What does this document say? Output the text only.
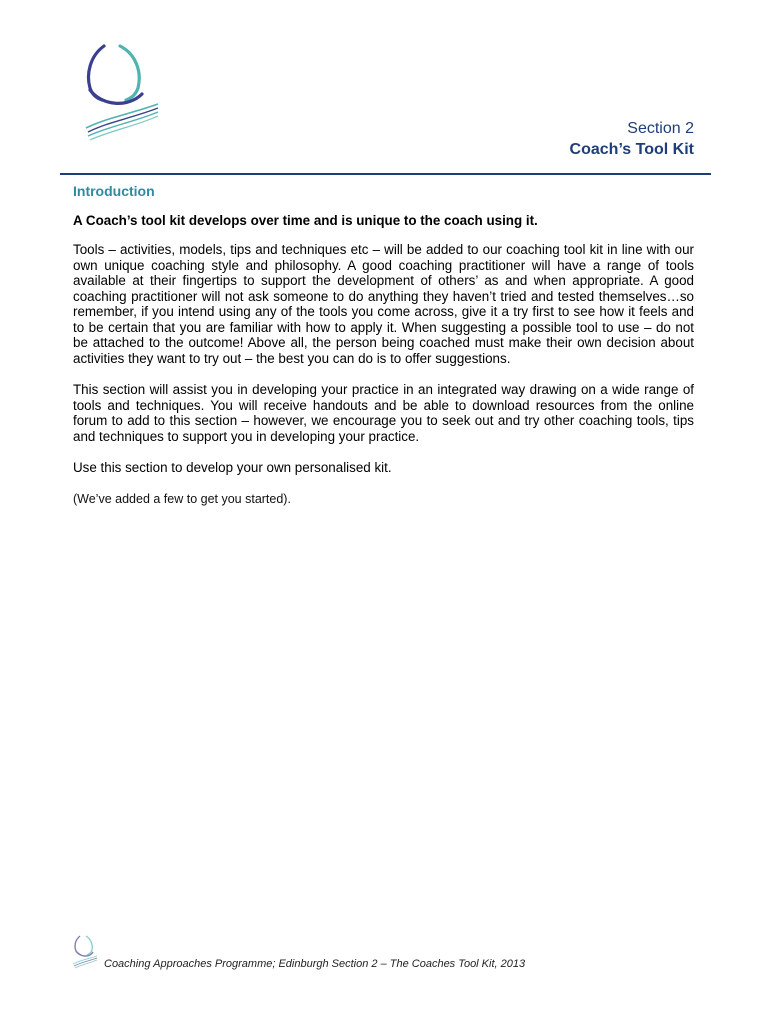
Section 2
Coach’s Tool Kit
Introduction

A Coach’s tool kit develops over time and is unique to the coach using it.

Tools – activities, models, tips and techniques etc – will be added to our coaching tool kit in line with our own unique coaching style and philosophy. A good coaching practitioner will have a range of tools available at their fingertips to support the development of others’ as and when appropriate. A good coaching practitioner will not ask someone to do anything they haven’t tried and tested themselves…so remember, if you intend using any of the tools you come across, give it a try first to see how it feels and to be certain that you are familiar with how to apply it. When suggesting a possible tool to use – do not be attached to the outcome! Above all, the person being coached must make their own decision about activities they want to try out – the best you can do is to offer suggestions.

This section will assist you in developing your practice in an integrated way drawing on a wide range of tools and techniques. You will receive handouts and be able to download resources from the online forum to add to this section – however, we encourage you to seek out and try other coaching tools, tips and techniques to support you in developing your practice.

Use this section to develop your own personalised kit.

(We’ve added a few to get you started).

Coaching Approaches Programme; Edinburgh Section 2 – The Coaches Tool Kit, 2013
